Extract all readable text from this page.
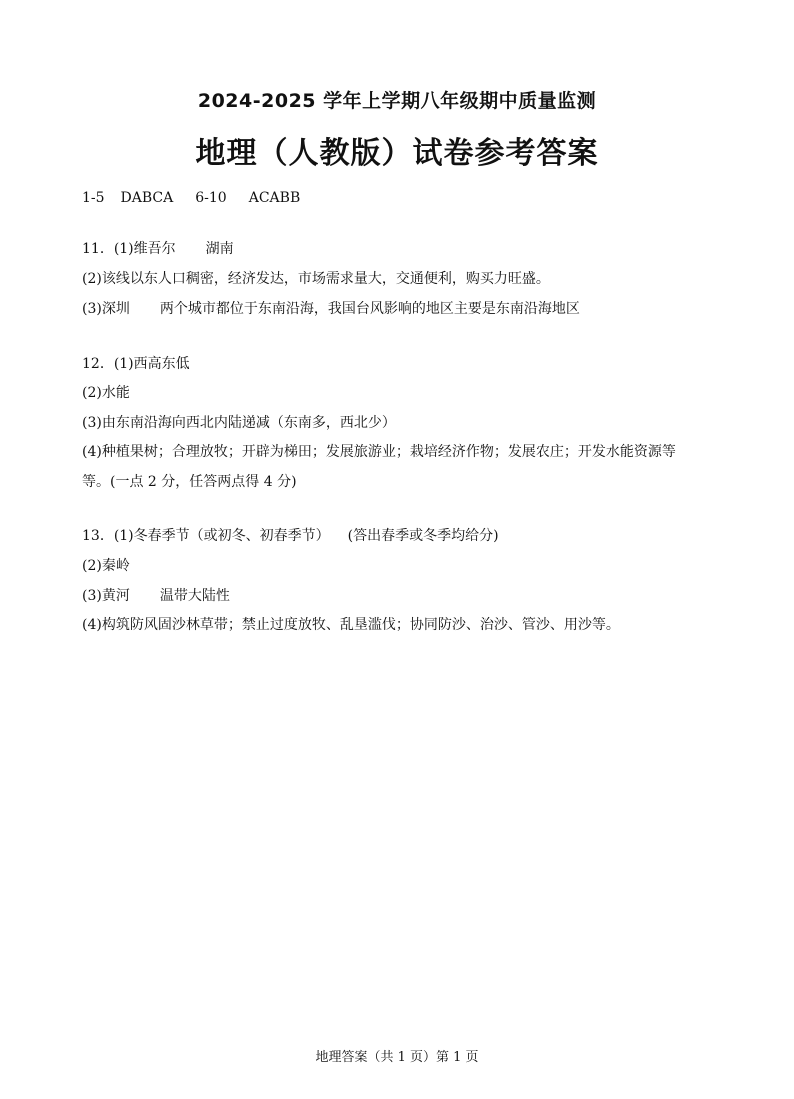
2024-2025 学年上学期八年级期中质量监测
地理（人教版）试卷参考答案
1-5 DABCA 6-10 ACABB
11．(1)维吾尔 湖南
(2)该线以东人口稠密，经济发达，市场需求量大，交通便利，购买力旺盛。
(3)深圳 两个城市都位于东南沿海，我国台风影响的地区主要是东南沿海地区
12．(1)西高东低
(2)水能
(3)由东南沿海向西北内陆递减（东南多，西北少）
(4)种植果树；合理放牧；开辟为梯田；发展旅游业；栽培经济作物；发展农庄；开发水能资源等
等。(一点 2 分，任答两点得 4 分)
13．(1)冬春季节（或初冬、初春季节） (答出春季或冬季均给分)
(2)秦岭
(3)黄河 温带大陆性
(4)构筑防风固沙林草带；禁止过度放牧、乱垦滥伐；协同防沙、治沙、管沙、用沙等。
地理答案（共 1 页）第 1 页
